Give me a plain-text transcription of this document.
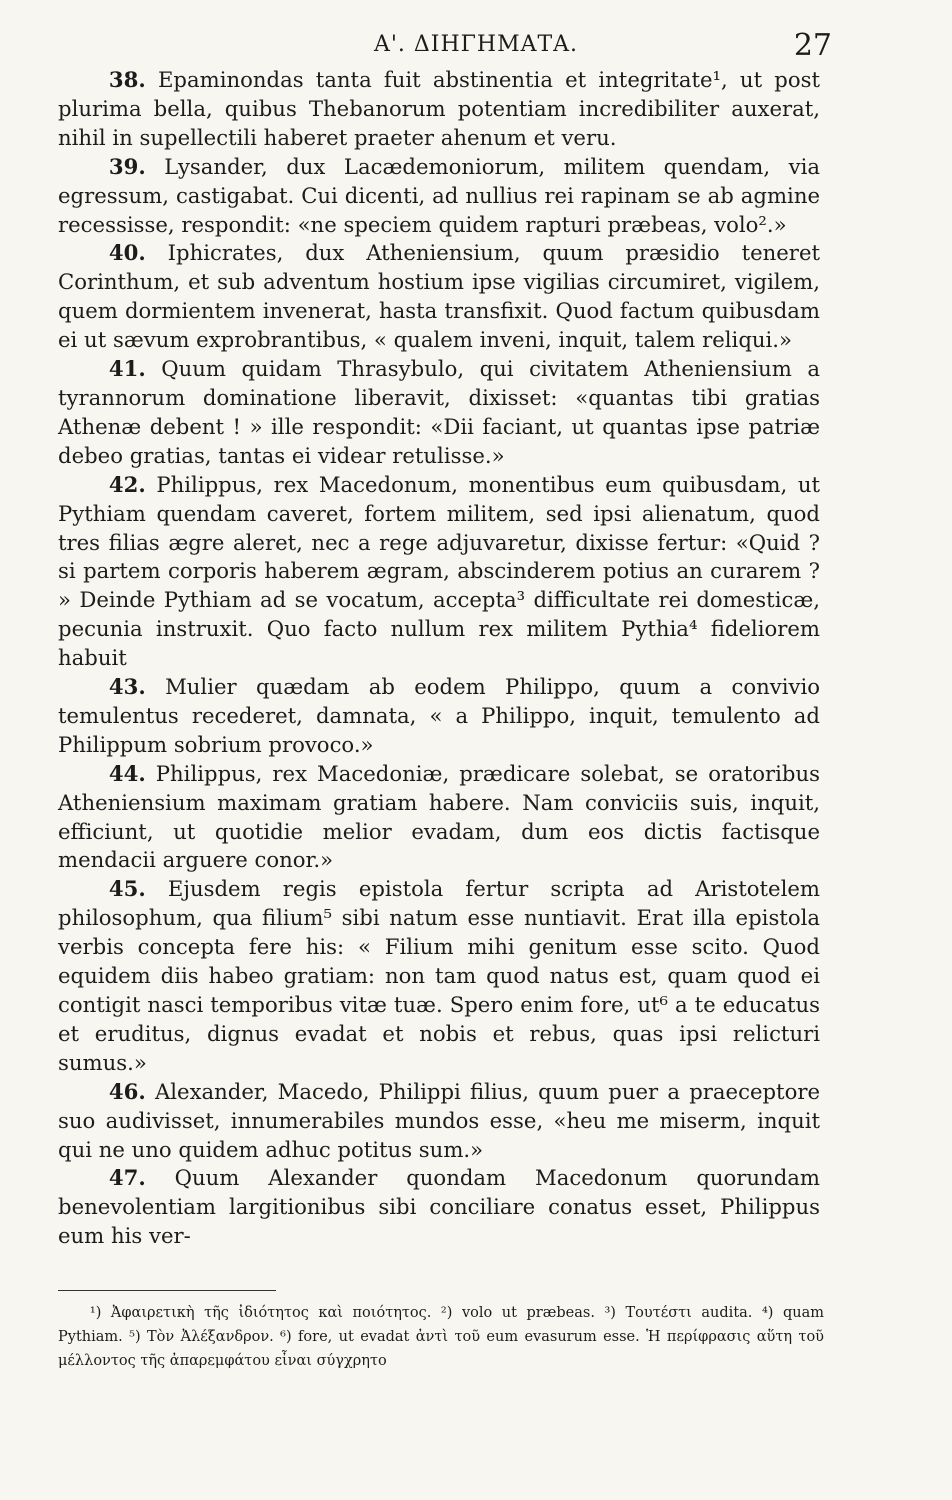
Α'. ΔΙΗΓΗΜΑΤΑ.	27

38. Epaminondas tanta fuit abstinentia et integritate¹, ut post plurima bella, quibus Thebanorum potentiam incredibiliter auxerat, nihil in supellectili haberet praeter ahenum et veru.

39. Lysander, dux Lacædemoniorum, militem quendam, via egressum, castigabat. Cui dicenti, ad nullius rei rapinam se ab agmine recessisse, respondit: «ne speciem quidem rapturi præbeas, volo².»

40. Iphicrates, dux Atheniensium, quum præsidio teneret Corinthum, et sub adventum hostium ipse vigilias circumiret, vigilem, quem dormientem invenerat, hasta transfixit. Quod factum quibusdam ei ut sævum exprobrantibus, « qualem inveni, inquit, talem reliqui.»

41. Quum quidam Thrasybulo, qui civitatem Atheniensium a tyrannorum dominatione liberavit, dixisset: «quantas tibi gratias Athenæ debent ! » ille respondit: «Dii faciant, ut quantas ipse patriæ debeo gratias, tantas ei videar retulisse.»

42. Philippus, rex Macedonum, monentibus eum quibusdam, ut Pythiam quendam caveret, fortem militem, sed ipsi alienatum, quod tres filias ægre aleret, nec a rege adjuvaretur, dixisse fertur: «Quid ? si partem corporis haberem ægram, abscinderem potius an curarem ? » Deinde Pythiam ad se vocatum, accepta³ difficultate rei domesticæ, pecunia instruxit. Quo facto nullum rex militem Pythia⁴ fideliorem habuit

43. Mulier quædam ab eodem Philippo, quum a convivio temulentus recederet, damnata, « a Philippo, inquit, temulento ad Philippum sobrium provoco.»

44. Philippus, rex Macedoniæ, prædicare solebat, se oratoribus Atheniensium maximam gratiam habere. Nam conviciis suis, inquit, efficiunt, ut quotidie melior evadam, dum eos dictis factisque mendacii arguere conor.»

45. Ejusdem regis epistola fertur scripta ad Aristotelem philosophum, qua filium⁵ sibi natum esse nuntiavit. Erat illa epistola verbis concepta fere his: « Filium mihi genitum esse scito. Quod equidem diis habeo gratiam: non tam quod natus est, quam quod ei contigit nasci temporibus vitæ tuæ. Spero enim fore, ut⁶ a te educatus et eruditus, dignus evadat et nobis et rebus, quas ipsi relicturi sumus.»

46. Alexander, Macedo, Philippi filius, quum puer a praeceptore suo audivisset, innumerabiles mundos esse, «heu me miserm, inquit qui ne uno quidem adhuc potitus sum.»

47. Quum Alexander quondam Macedonum quorundam benevolentiam largitionibus sibi conciliare conatus esset, Philippus eum his ver-

¹) Ἀφαιρετικὴ τῆς ἰδιότητος καὶ ποιότητος. ²) volo ut præbeas. ³) Τουτέστι audita. ⁴) quam Pythiam. ⁵) Τὸν Ἀλέξανδρον. ⁶) fore, ut evadat ἀντὶ τοῦ eum evasurum esse. Ἡ περίφρασις αὕτη τοῦ μέλλοντος τῆς ἀπαρεμφάτου εἶναι σύγχρητο
